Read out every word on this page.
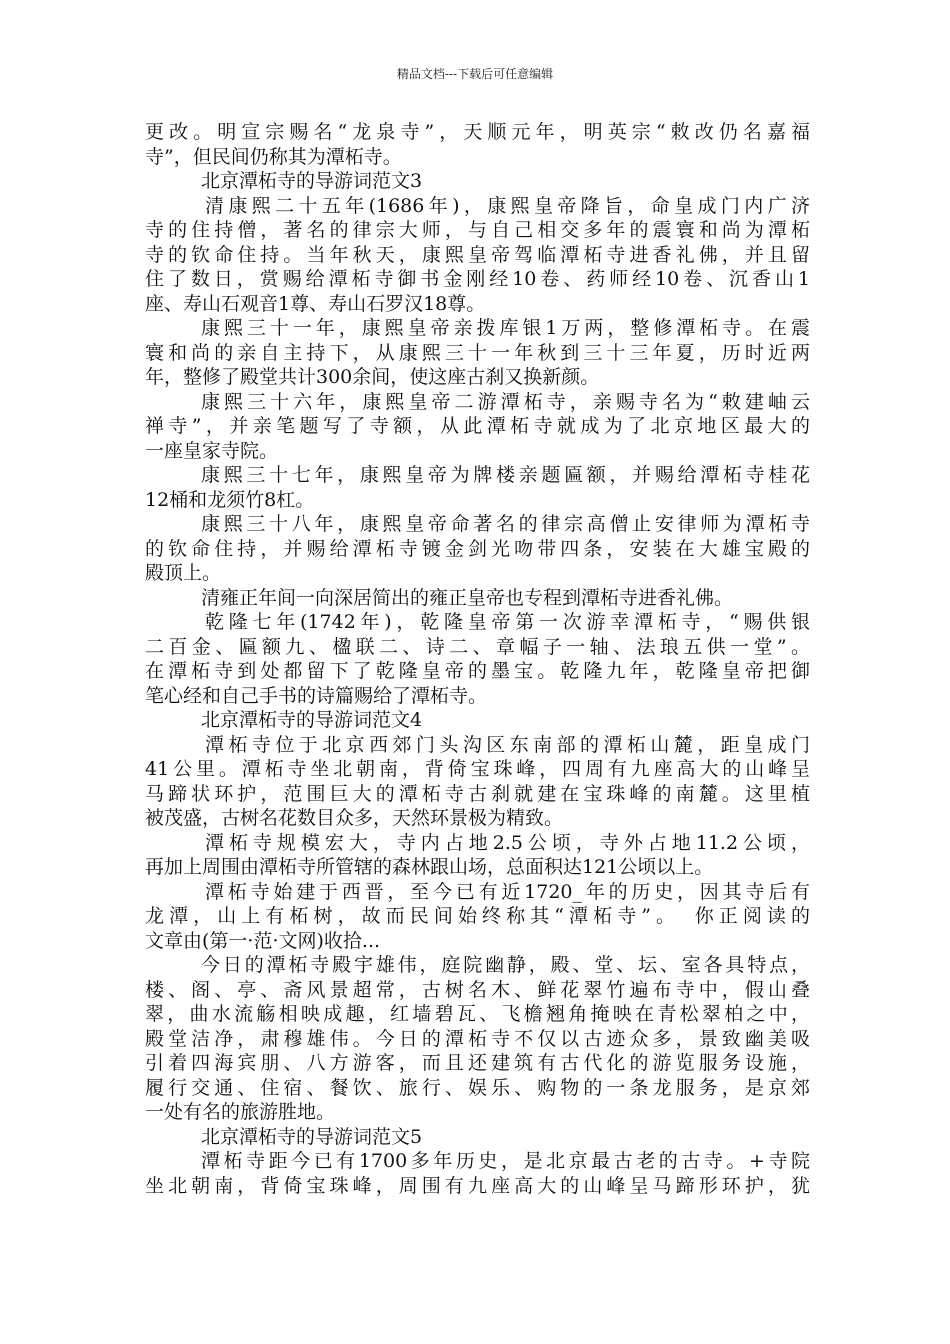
精品文档---下载后可任意编辑
更改。明宣宗赐名“龙泉寺”，天顺元年，明英宗“敕改仍名嘉福
寺”，但民间仍称其为潭柘寺。
北京潭柘寺的导游词范文3
清康熙二十五年(1686年)，康熙皇帝降旨，命皇成门内广济
寺的住持僧，著名的律宗大师，与自己相交多年的震寰和尚为潭柘
寺的钦命住持。当年秋天，康熙皇帝驾临潭柘寺进香礼佛，并且留
住了数日，赏赐给潭柘寺御书金刚经10卷、药师经10卷、沉香山1
座、寿山石观音1尊、寿山石罗汉18尊。
康熙三十一年，康熙皇帝亲拨库银1万两，整修潭柘寺。在震
寰和尚的亲自主持下，从康熙三十一年秋到三十三年夏，历时近两
年，整修了殿堂共计300余间，使这座古刹又换新颜。
康熙三十六年，康熙皇帝二游潭柘寺，亲赐寺名为“敕建岫云
禅寺”，并亲笔题写了寺额，从此潭柘寺就成为了北京地区最大的
一座皇家寺院。
康熙三十七年，康熙皇帝为牌楼亲题匾额，并赐给潭柘寺桂花
12桶和龙须竹8杠。
康熙三十八年，康熙皇帝命著名的律宗高僧止安律师为潭柘寺
的钦命住持，并赐给潭柘寺镀金剑光吻带四条，安装在大雄宝殿的
殿顶上。
清雍正年间一向深居简出的雍正皇帝也专程到潭柘寺进香礼佛。
乾隆七年(1742年)，乾隆皇帝第一次游幸潭柘寺，“赐供银
二百金、匾额九、楹联二、诗二、章幅子一轴、法琅五供一堂”。
在潭柘寺到处都留下了乾隆皇帝的墨宝。乾隆九年，乾隆皇帝把御
笔心经和自己手书的诗篇赐给了潭柘寺。
北京潭柘寺的导游词范文4
潭柘寺位于北京西郊门头沟区东南部的潭柘山麓，距皇成门
41公里。潭柘寺坐北朝南，背倚宝珠峰，四周有九座高大的山峰呈
马蹄状环护，范围巨大的潭柘寺古刹就建在宝珠峰的南麓。这里植
被茂盛，古树名花数目众多，天然环景极为精致。
潭柘寺规模宏大，寺内占地2.5公顷，寺外占地11.2公顷，
再加上周围由潭柘寺所管辖的森林跟山场，总面积达121公顷以上。
潭柘寺始建于西晋，至今已有近1720_年的历史，因其寺后有
龙潭，山上有柘树，故而民间始终称其“潭柘寺”。　你正阅读的
文章由(第一·范·文网)收拾...
今日的潭柘寺殿宇雄伟，庭院幽静，殿、堂、坛、室各具特点，
楼、阁、亭、斋风景超常，古树名木、鲜花翠竹遍布寺中，假山叠
翠，曲水流觞相映成趣，红墙碧瓦、飞檐翘角掩映在青松翠柏之中，
殿堂洁净，肃穆雄伟。今日的潭柘寺不仅以古迹众多，景致幽美吸
引着四海宾朋、八方游客，而且还建筑有古代化的游览服务设施，
履行交通、住宿、餐饮、旅行、娱乐、购物的一条龙服务，是京郊
一处有名的旅游胜地。
北京潭柘寺的导游词范文5
潭柘寺距今已有1700多年历史，是北京最古老的古寺。+寺院
坐北朝南，背倚宝珠峰，周围有九座高大的山峰呈马蹄形环护，犹
